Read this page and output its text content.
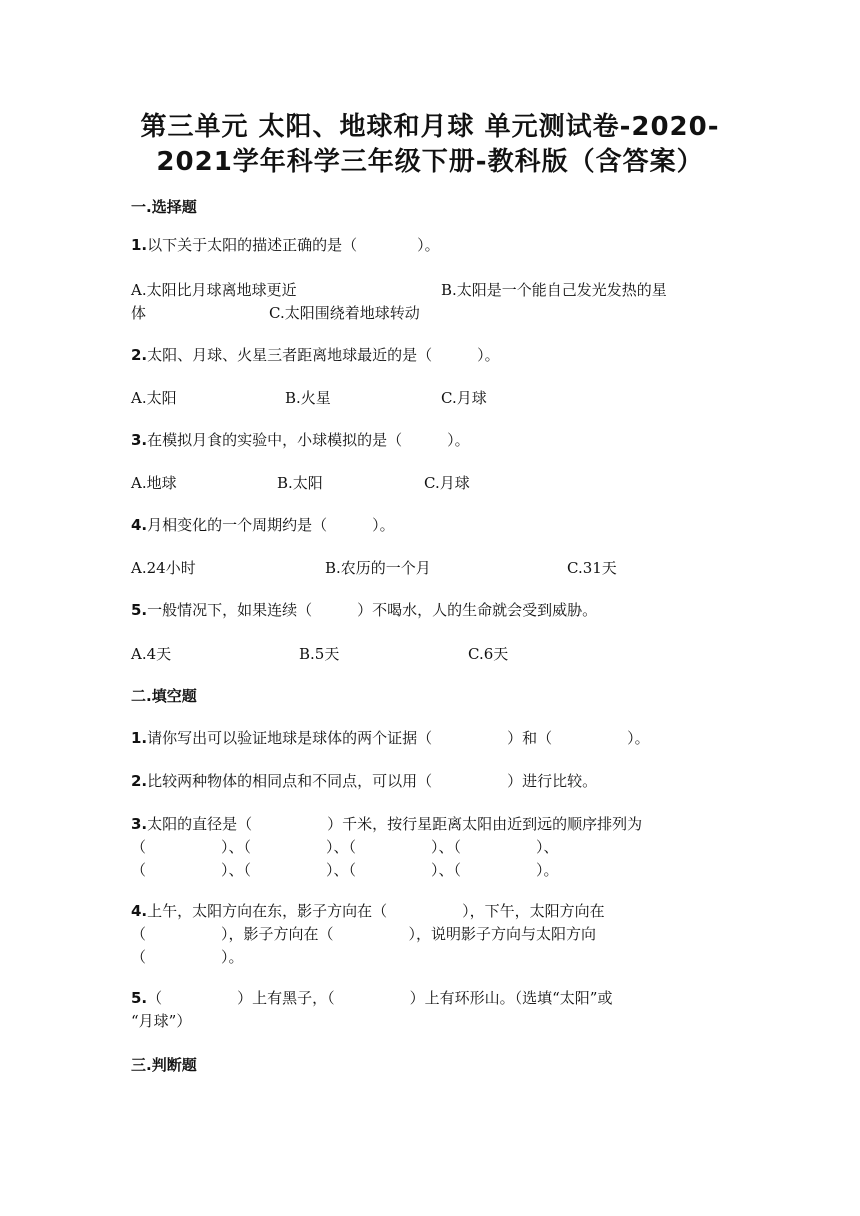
第三单元 太阳、地球和月球 单元测试卷-2020-
2021学年科学三年级下册-教科版（含答案）
一.选择题
1.以下关于太阳的描述正确的是（　　　　）。
A.太阳比月球离地球更近	B.太阳是一个能自己发光发热的星
体	C.太阳围绕着地球转动
2.太阳、月球、火星三者距离地球最近的是（　　　）。
A.太阳	B.火星	C.月球
3.在模拟月食的实验中，小球模拟的是（　　　）。
A.地球	B.太阳	C.月球
4.月相变化的一个周期约是（　　　）。
A.24小时	B.农历的一个月	C.31天
5.一般情况下，如果连续（　　　）不喝水，人的生命就会受到威胁。
A.4天	B.5天	C.6天
二.填空题
1.请你写出可以验证地球是球体的两个证据（　　　　　）和（　　　　　）。
2.比较两种物体的相同点和不同点，可以用（　　　　　）进行比较。
3.太阳的直径是（　　　　　）千米，按行星距离太阳由近到远的顺序排列为
（　　　　　）、（　　　　　）、（　　　　　）、（　　　　　）、
（　　　　　）、（　　　　　）、（　　　　　）、（　　　　　）。
4.上午，太阳方向在东，影子方向在（　　　　　），下午，太阳方向在
（　　　　　），影子方向在（　　　　　），说明影子方向与太阳方向
（　　　　　）。
5.（　　　　　）上有黑子，（　　　　　）上有环形山。（选填“太阳”或
“月球”）
三.判断题
